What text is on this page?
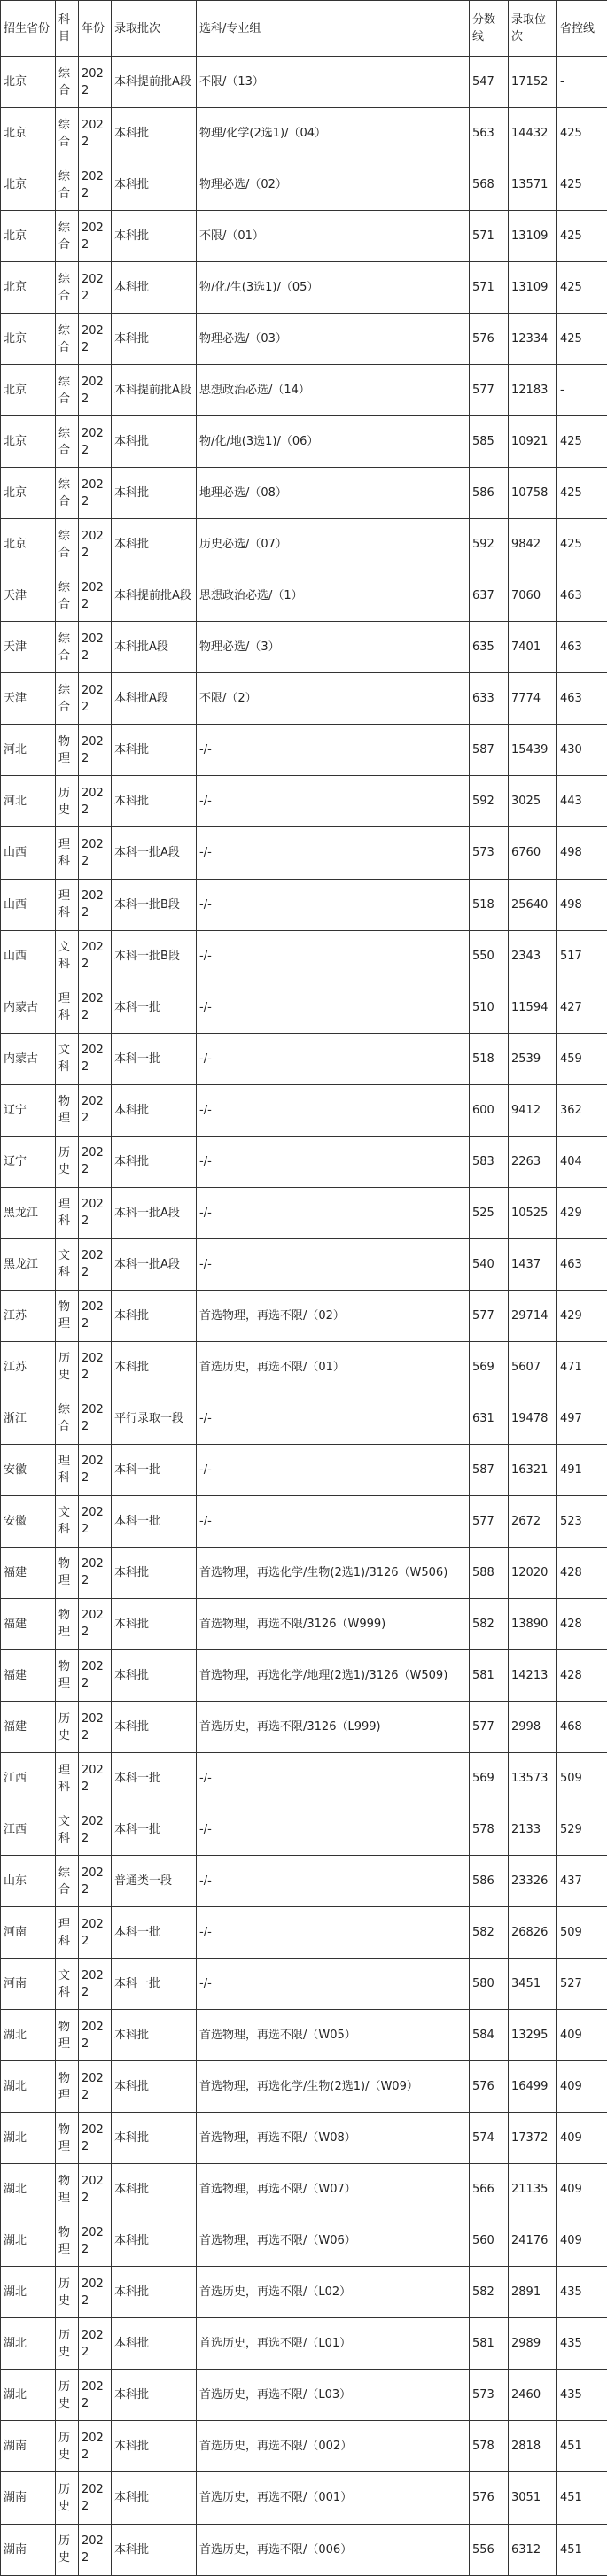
招生省份	科目	年份	录取批次	选科/专业组	分数线	录取位次	省控线
北京	综合	2022	本科提前批A段	不限/（13）	547	17152	-
北京	综合	2022	本科批	物理/化学(2选1)/（04）	563	14432	425
北京	综合	2022	本科批	物理必选/（02）	568	13571	425
北京	综合	2022	本科批	不限/（01）	571	13109	425
北京	综合	2022	本科批	物/化/生(3选1)/（05）	571	13109	425
北京	综合	2022	本科批	物理必选/（03）	576	12334	425
北京	综合	2022	本科提前批A段	思想政治必选/（14）	577	12183	-
北京	综合	2022	本科批	物/化/地(3选1)/（06）	585	10921	425
北京	综合	2022	本科批	地理必选/（08）	586	10758	425
北京	综合	2022	本科批	历史必选/（07）	592	9842	425
天津	综合	2022	本科提前批A段	思想政治必选/（1）	637	7060	463
天津	综合	2022	本科批A段	物理必选/（3）	635	7401	463
天津	综合	2022	本科批A段	不限/（2）	633	7774	463
河北	物理	2022	本科批	-/-	587	15439	430
河北	历史	2022	本科批	-/-	592	3025	443
山西	理科	2022	本科一批A段	-/-	573	6760	498
山西	理科	2022	本科一批B段	-/-	518	25640	498
山西	文科	2022	本科一批B段	-/-	550	2343	517
内蒙古	理科	2022	本科一批	-/-	510	11594	427
内蒙古	文科	2022	本科一批	-/-	518	2539	459
辽宁	物理	2022	本科批	-/-	600	9412	362
辽宁	历史	2022	本科批	-/-	583	2263	404
黑龙江	理科	2022	本科一批A段	-/-	525	10525	429
黑龙江	文科	2022	本科一批A段	-/-	540	1437	463
江苏	物理	2022	本科批	首选物理，再选不限/（02）	577	29714	429
江苏	历史	2022	本科批	首选历史，再选不限/（01）	569	5607	471
浙江	综合	2022	平行录取一段	-/-	631	19478	497
安徽	理科	2022	本科一批	-/-	587	16321	491
安徽	文科	2022	本科一批	-/-	577	2672	523
福建	物理	2022	本科批	首选物理，再选化学/生物(2选1)/3126（W506)	588	12020	428
福建	物理	2022	本科批	首选物理，再选不限/3126（W999)	582	13890	428
福建	物理	2022	本科批	首选物理，再选化学/地理(2选1)/3126（W509)	581	14213	428
福建	历史	2022	本科批	首选历史，再选不限/3126（L999)	577	2998	468
江西	理科	2022	本科一批	-/-	569	13573	509
江西	文科	2022	本科一批	-/-	578	2133	529
山东	综合	2022	普通类一段	-/-	586	23326	437
河南	理科	2022	本科一批	-/-	582	26826	509
河南	文科	2022	本科一批	-/-	580	3451	527
湖北	物理	2022	本科批	首选物理，再选不限/（W05）	584	13295	409
湖北	物理	2022	本科批	首选物理，再选化学/生物(2选1)/（W09）	576	16499	409
湖北	物理	2022	本科批	首选物理，再选不限/（W08）	574	17372	409
湖北	物理	2022	本科批	首选物理，再选不限/（W07）	566	21135	409
湖北	物理	2022	本科批	首选物理，再选不限/（W06）	560	24176	409
湖北	历史	2022	本科批	首选历史，再选不限/（L02）	582	2891	435
湖北	历史	2022	本科批	首选历史，再选不限/（L01）	581	2989	435
湖北	历史	2022	本科批	首选历史，再选不限/（L03）	573	2460	435
湖南	历史	2022	本科批	首选历史，再选不限/（002）	578	2818	451
湖南	历史	2022	本科批	首选历史，再选不限/（001）	576	3051	451
湖南	历史	2022	本科批	首选历史，再选不限/（006）	556	6312	451
